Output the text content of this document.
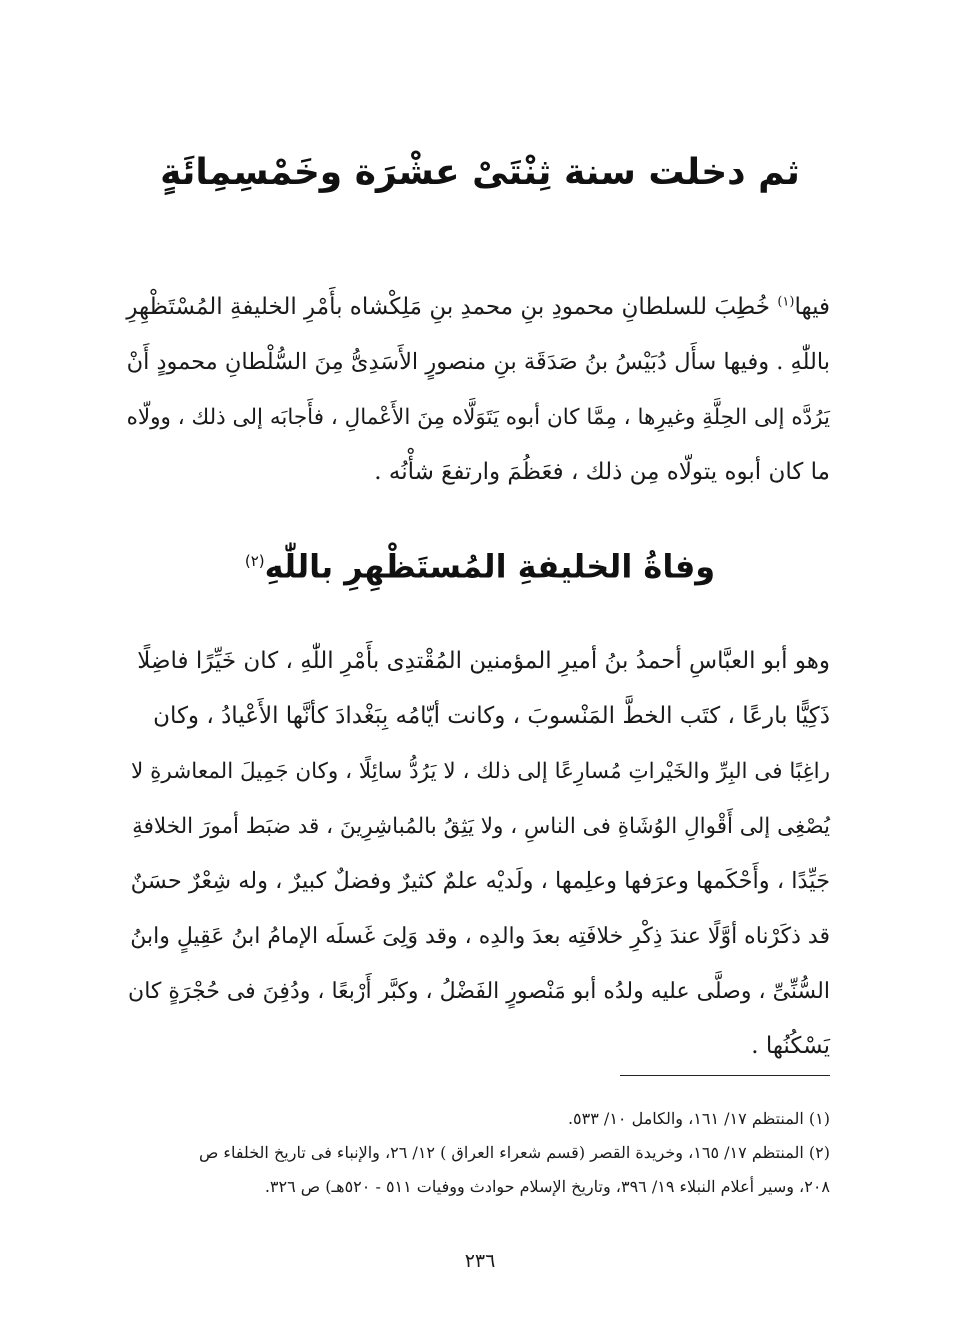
ثم دخلت سنة ثِنْتَىْ عشْرَة وخَمْسِمِائَةٍ
فيها$^{(١)}$ خُطِبَ للسلطانِ محمودِ بنِ محمدِ بنِ مَلِكْشاه بأَمْرِ الخليفةِ المُسْتَظْهِرِ
باللّٰهِ . وفيها سأَل دُبَيْسُ بنُ صَدَقَة بنِ منصورٍ الأَسَدِىُّ مِنَ السُّلْطانِ محمودٍ أَنْ
يَرُدَّه إلى الحِلَّةِ وغيرِها ، مِمَّا كان أبوه يَتَوَلَّاه مِنَ الأَعْمالِ ، فأَجابَه إلى ذلك ، وولّاه
ما كان أبوه يتولّاه مِن ذلك ، فعَظُمَ وارتفعَ شأْنُه .
وفاةُ الخليفةِ المُستَظْهِرِ باللّٰهِ$^{(٢)}$
وهو أبو العبَّاسِ أحمدُ بنُ أميرِ المؤمنين المُقْتدِى بأَمْرِ اللّٰهِ ، كان خَيِّرًا فاضِلًا
ذَكِيًّا بارعًا ، كتَب الخطَّ المَنْسوبَ ، وكانت أيّامُه بِبَغْدادَ كأنَّها الأَعْيادُ ، وكان
راغِبًا فى البِرِّ والخَيْراتِ مُسارِعًا إلى ذلك ، لا يَرُدُّ سائِلًا ، وكان جَمِيلَ المعاشرةِ لا
يُصْغِى إلى أَقْوالِ الوُشَاةِ فى الناسِ ، ولا يَثِقُ بالمُباشِرِينَ ، قد ضبَط أمورَ الخلافةِ
جَيِّدًا ، وأَحْكَمها وعرَفها وعلِمها ، ولَديْه علمٌ كثيرٌ وفضلٌ كبيرٌ ، وله شِعْرٌ حسَنٌ
قد ذكَرْناه أوَّلًا عندَ ذِكْرِ خلافَتِه بعدَ والدِه ، وقد وَلِىَ غَسلَه الإمامُ ابنُ عَقِيلٍ وابنُ
السُّنِّىِّ ، وصلَّى عليه ولدُه أبو مَنْصورٍ الفَضْلُ ، وكبَّر أَرْبعًا ، ودُفِنَ فى حُجْرَةٍ كان
يَسْكُنُها .
(١) المنتظم ١٧/ ١٦١، والكامل ١٠/ ٥٣٣.
(٢) المنتظم ١٧/ ١٦٥، وخريدة القصر (قسم شعراء العراق ) ١٢/ ٢٦، والإنباء فى تاريخ الخلفاء ص
٢٠٨، وسير أعلام النبلاء ١٩/ ٣٩٦، وتاريخ الإسلام حوادث ووفيات ٥١١ - ٥٢٠هـ) ص ٣٢٦.
٢٣٦
